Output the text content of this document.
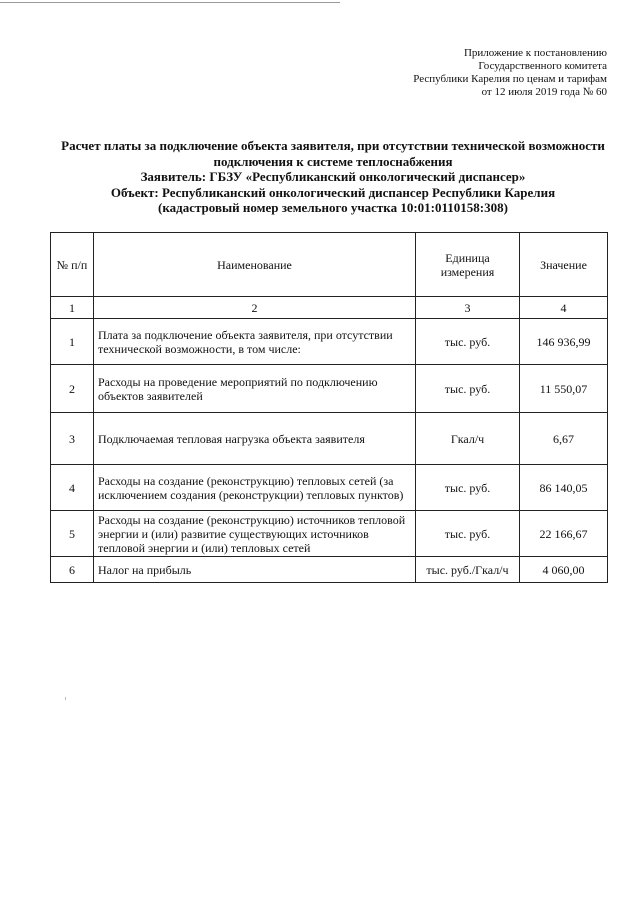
Приложение к постановлению
Государственного комитета
Республики Карелия по ценам и тарифам
от 12 июля 2019 года № 60
Расчет платы за подключение объекта заявителя, при отсутствии технической возможности
подключения к системе теплоснабжения
Заявитель: ГБЗУ «Республиканский онкологический диспансер»
Объект: Республиканский онкологический диспансер Республики Карелия
(кадастровый номер земельного участка 10:01:0110158:308)
№ п/п	Наименование	Единица измерения	Значение
1	2	3	4
1	Плата за подключение объекта заявителя, при отсутствии технической возможности, в том числе:	тыс. руб.	146 936,99
2	Расходы на проведение мероприятий по подключению объектов заявителей	тыс. руб.	11 550,07
3	Подключаемая тепловая нагрузка объекта заявителя	Гкал/ч	6,67
4	Расходы на создание (реконструкцию) тепловых сетей (за исключением создания (реконструкции) тепловых пунктов)	тыс. руб.	86 140,05
5	Расходы на создание (реконструкцию) источников тепловой энергии и (или) развитие существующих источников тепловой энергии и (или) тепловых сетей	тыс. руб.	22 166,67
6	Налог на прибыль	тыс. руб./Гкал/ч	4 060,00
